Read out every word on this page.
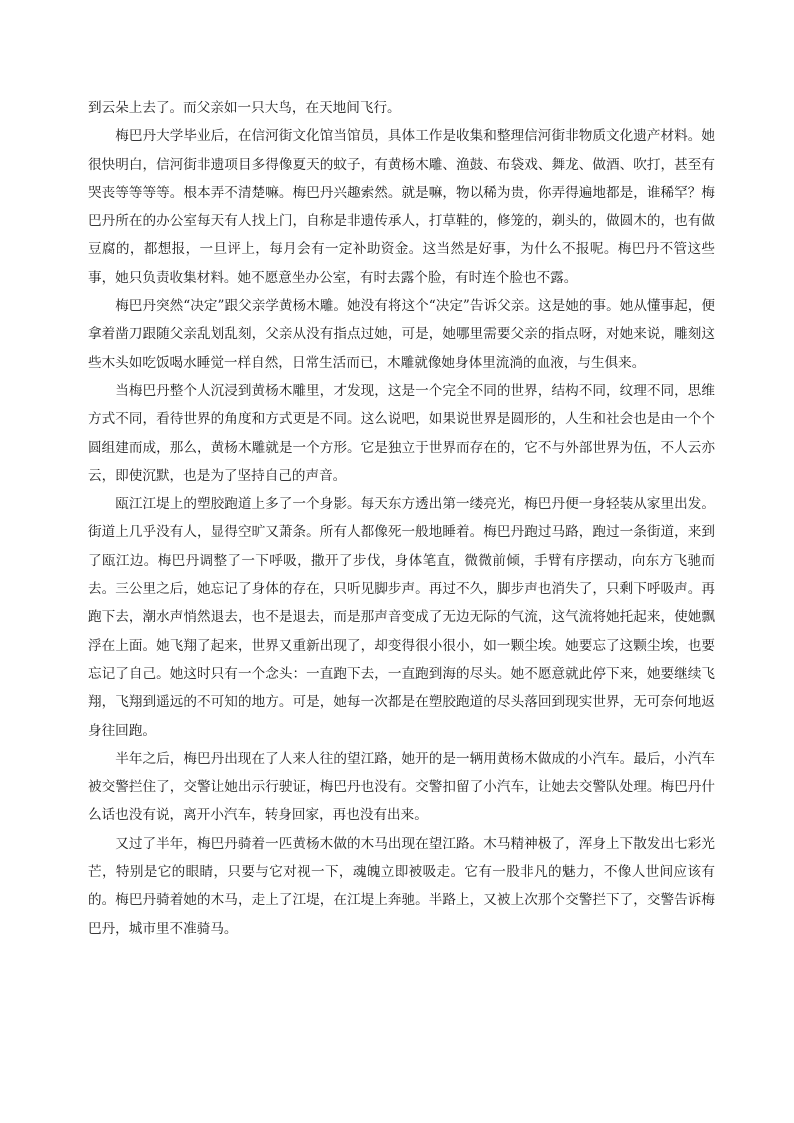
到云朵上去了。而父亲如一只大鸟，在天地间飞行。

梅巴丹大学毕业后，在信河街文化馆当馆员，具体工作是收集和整理信河街非物质文化遗产材料。她很快明白，信河街非遗项目多得像夏天的蚊子，有黄杨木雕、渔鼓、布袋戏、舞龙、做酒、吹打，甚至有哭丧等等等等。根本弄不清楚嘛。梅巴丹兴趣索然。就是嘛，物以稀为贵，你弄得遍地都是，谁稀罕？梅巴丹所在的办公室每天有人找上门，自称是非遗传承人，打草鞋的，修笼的，剃头的，做圆木的，也有做豆腐的，都想报，一旦评上，每月会有一定补助资金。这当然是好事，为什么不报呢。梅巴丹不管这些事，她只负责收集材料。她不愿意坐办公室，有时去露个脸，有时连个脸也不露。

梅巴丹突然“决定”跟父亲学黄杨木雕。她没有将这个“决定”告诉父亲。这是她的事。她从懂事起，便拿着凿刀跟随父亲乱划乱刻，父亲从没有指点过她，可是，她哪里需要父亲的指点呀，对她来说，雕刻这些木头如吃饭喝水睡觉一样自然，日常生活而已，木雕就像她身体里流淌的血液，与生俱来。

当梅巴丹整个人沉浸到黄杨木雕里，才发现，这是一个完全不同的世界，结构不同，纹理不同，思维方式不同，看待世界的角度和方式更是不同。这么说吧，如果说世界是圆形的，人生和社会也是由一个个圆组建而成，那么，黄杨木雕就是一个方形。它是独立于世界而存在的，它不与外部世界为伍，不人云亦云，即使沉默，也是为了坚持自己的声音。

瓯江江堤上的塑胶跑道上多了一个身影。每天东方透出第一缕亮光，梅巴丹便一身轻装从家里出发。街道上几乎没有人，显得空旷又萧条。所有人都像死一般地睡着。梅巴丹跑过马路，跑过一条街道，来到了瓯江边。梅巴丹调整了一下呼吸，撒开了步伐，身体笔直，微微前倾，手臂有序摆动，向东方飞驰而去。三公里之后，她忘记了身体的存在，只听见脚步声。再过不久，脚步声也消失了，只剩下呼吸声。再跑下去，潮水声悄然退去，也不是退去，而是那声音变成了无边无际的气流，这气流将她托起来，使她飘浮在上面。她飞翔了起来，世界又重新出现了，却变得很小很小，如一颗尘埃。她要忘了这颗尘埃，也要忘记了自己。她这时只有一个念头：一直跑下去，一直跑到海的尽头。她不愿意就此停下来，她要继续飞翔，飞翔到遥远的不可知的地方。可是，她每一次都是在塑胶跑道的尽头落回到现实世界，无可奈何地返身往回跑。

半年之后，梅巴丹出现在了人来人往的望江路，她开的是一辆用黄杨木做成的小汽车。最后，小汽车被交警拦住了，交警让她出示行驶证，梅巴丹也没有。交警扣留了小汽车，让她去交警队处理。梅巴丹什么话也没有说，离开小汽车，转身回家，再也没有出来。

又过了半年，梅巴丹骑着一匹黄杨木做的木马出现在望江路。木马精神极了，浑身上下散发出七彩光芒，特别是它的眼睛，只要与它对视一下，魂魄立即被吸走。它有一股非凡的魅力，不像人世间应该有的。梅巴丹骑着她的木马，走上了江堤，在江堤上奔驰。半路上，又被上次那个交警拦下了，交警告诉梅巴丹，城市里不准骑马。
